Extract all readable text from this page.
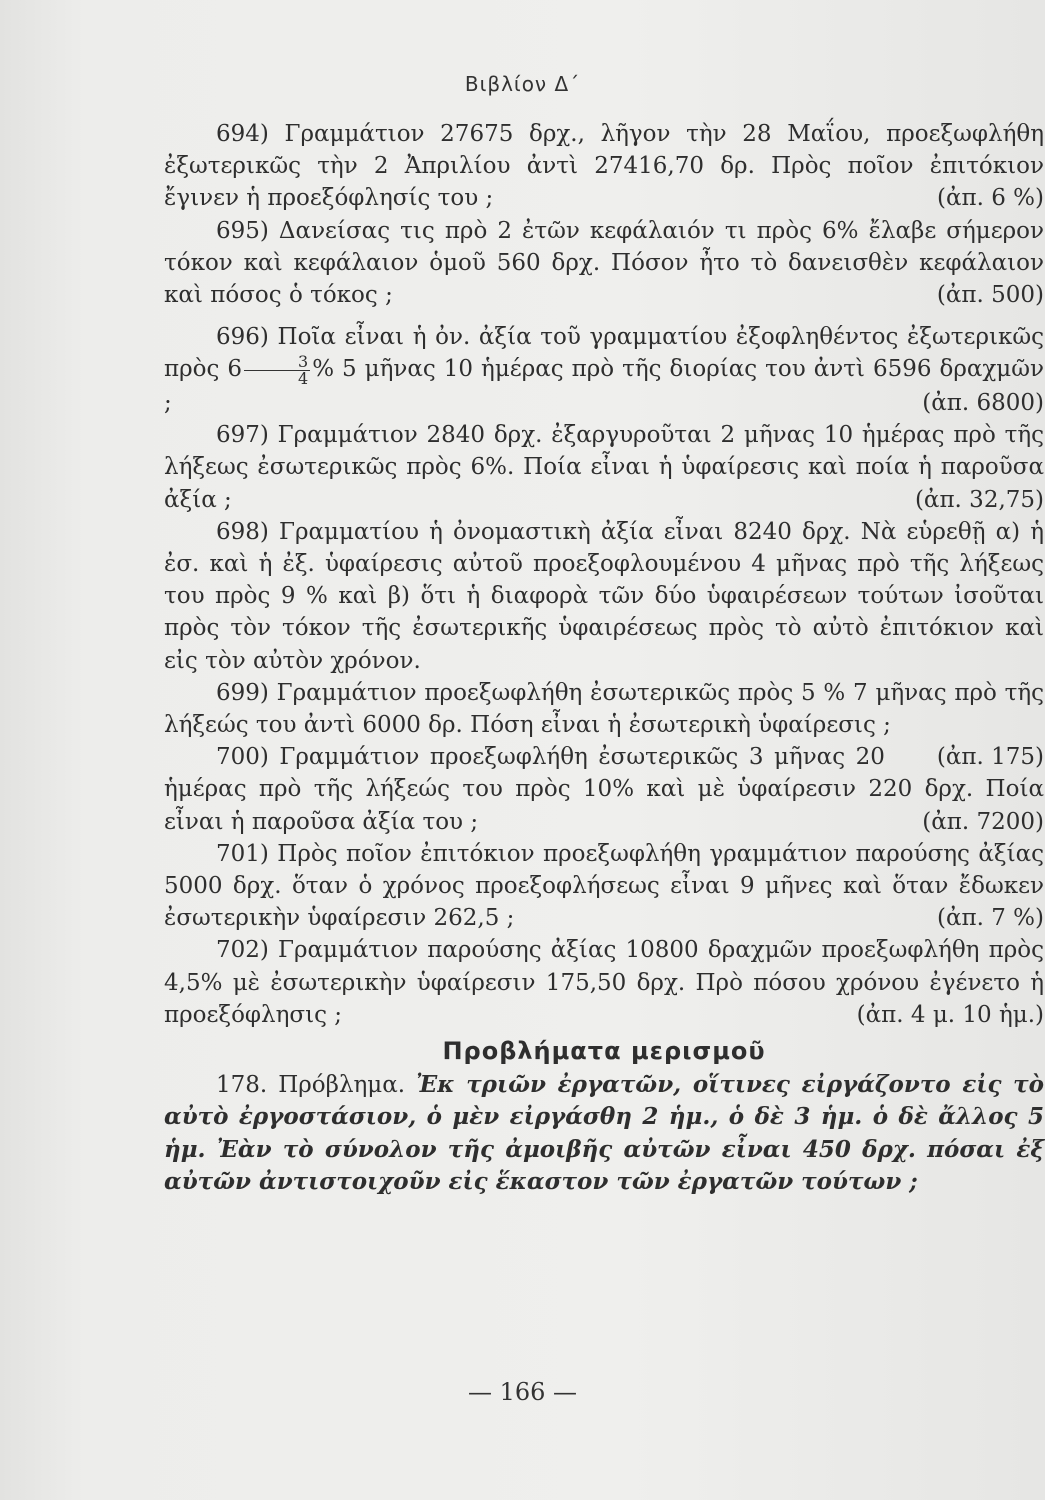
Βιβλίον Δ΄

694) Γραμμάτιον 27675 δρχ., λῆγον τὴν 28 Μαΐου, προεξωφλήθη ἐξωτερικῶς τὴν 2 Ἀπριλίου ἀντὶ 27416,70 δρ. Πρὸς ποῖον ἐπιτόκιον ἔγινεν ἡ προεξόφλησίς του ;	(ἀπ. 6 %)

695) Δανείσας τις πρὸ 2 ἐτῶν κεφάλαιόν τι πρὸς 6% ἔλαβε σήμερον τόκον καὶ κεφάλαιον ὁμοῦ 560 δρχ. Πόσον ἦτο τὸ δανεισθὲν κεφάλαιον καὶ πόσος ὁ τόκος ;	(ἀπ. 500)

696) Ποῖα εἶναι ἡ ὀν. ἀξία τοῦ γραμματίου ἐξοφληθέντος ἐξωτερικῶς πρὸς $6 \frac{3}{4}$ % 5 μῆνας 10 ἡμέρας πρὸ τῆς διορίας του ἀντὶ 6596 δραχμῶν ;	(ἀπ. 6800)

697) Γραμμάτιον 2840 δρχ. ἐξαργυροῦται 2 μῆνας 10 ἡμέρας πρὸ τῆς λήξεως ἐσωτερικῶς πρὸς 6%. Ποία εἶναι ἡ ὑφαίρεσις καὶ ποία ἡ παροῦσα ἀξία ;	(ἀπ. 32,75)

698) Γραμματίου ἡ ὀνομαστικὴ ἀξία εἶναι 8240 δρχ. Νὰ εὑρεθῇ α) ἡ ἐσ. καὶ ἡ ἐξ. ὑφαίρεσις αὐτοῦ προεξοφλουμένου 4 μῆνας πρὸ τῆς λήξεως του πρὸς 9 % καὶ β) ὅτι ἡ διαφορὰ τῶν δύο ὑφαιρέσεων τούτων ἰσοῦται πρὸς τὸν τόκον τῆς ἐσωτερικῆς ὑφαιρέσεως πρὸς τὸ αὐτὸ ἐπιτόκιον καὶ εἰς τὸν αὐτὸν χρόνον.

699) Γραμμάτιον προεξωφλήθη ἐσωτερικῶς πρὸς 5 % 7 μῆνας πρὸ τῆς λήξεώς του ἀντὶ 6000 δρ. Πόση εἶναι ἡ ἐσωτερικὴ ὑφαίρεσις ;
(ἀπ. 175)

700) Γραμμάτιον προεξωφλήθη ἐσωτερικῶς 3 μῆνας 20 ἡμέρας πρὸ τῆς λήξεώς του πρὸς 10% καὶ μὲ ὑφαίρεσιν 220 δρχ. Ποία εἶναι ἡ παροῦσα ἀξία του ;	(ἀπ. 7200)

701) Πρὸς ποῖον ἐπιτόκιον προεξωφλήθη γραμμάτιον παρούσης ἀξίας 5000 δρχ. ὅταν ὁ χρόνος προεξοφλήσεως εἶναι 9 μῆνες καὶ ὅταν ἔδωκεν ἐσωτερικὴν ὑφαίρεσιν 262,5 ;	(ἀπ. 7 %)

702) Γραμμάτιον παρούσης ἀξίας 10800 δραχμῶν προεξωφλήθη πρὸς 4,5% μὲ ἐσωτερικὴν ὑφαίρεσιν 175,50 δρχ. Πρὸ πόσου χρόνου ἐγένετο ἡ προεξόφλησις ;	(ἀπ. 4 μ. 10 ἡμ.)

Προβλήματα μερισμοῦ

178. Πρόβλημα. Ἐκ τριῶν ἐργατῶν, οἵτινες εἰργάζοντο εἰς τὸ αὐτὸ ἐργοστάσιον, ὁ μὲν εἰργάσθη 2 ἡμ., ὁ δὲ 3 ἡμ. ὁ δὲ ἄλλος 5 ἡμ. Ἐὰν τὸ σύνολον τῆς ἀμοιβῆς αὐτῶν εἶναι 450 δρχ. πόσαι ἐξ αὐτῶν ἀντιστοιχοῦν εἰς ἕκαστον τῶν ἐργατῶν τούτων ;

— 166 —
